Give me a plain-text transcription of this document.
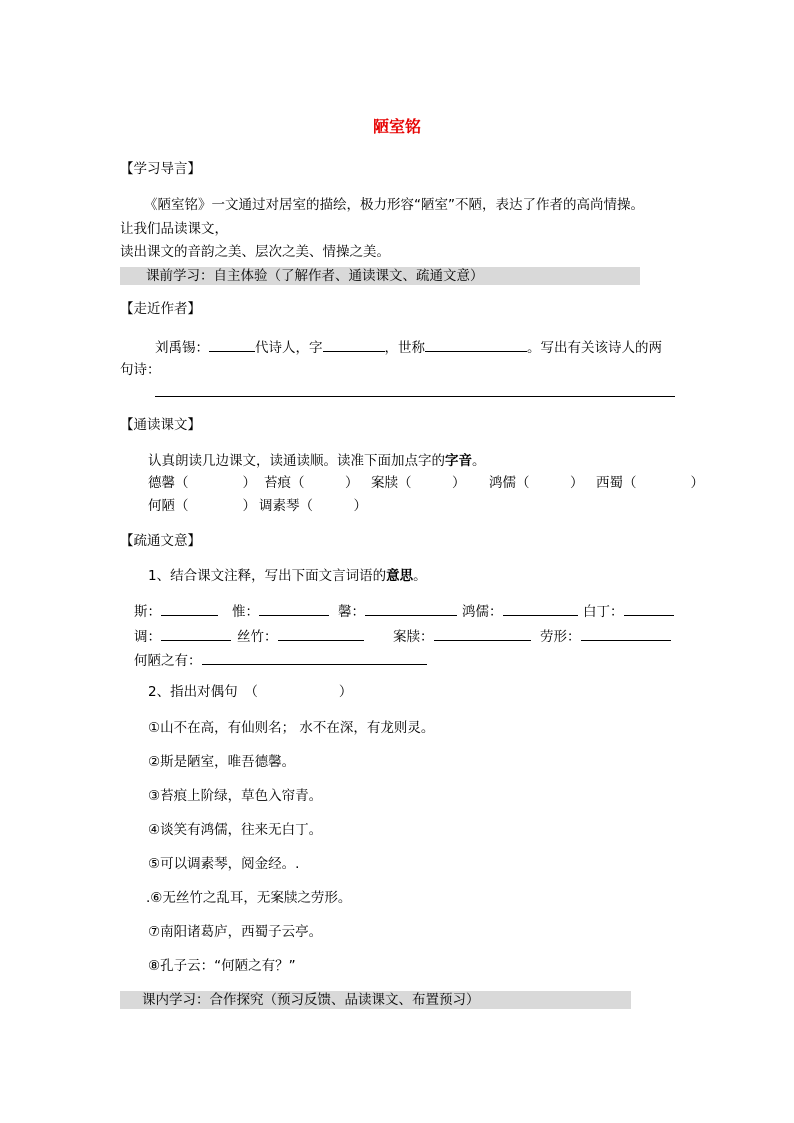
陋室铭
【学习导言】
《陋室铭》一文通过对居室的描绘，极力形容“陋室”不陋，表达了作者的高尚情操。
让我们品读课文，
读出课文的音韵之美、层次之美、情操之美。
课前学习：自主体验（了解作者、通读课文、疏通文意）
【走近作者】
刘禹锡：	代诗人，字	，世称	。写出有关该诗人的两
句诗：
【通读课文】
认真朗读几边课文，读通读顺。读准下面加点字的字音。
德馨（　　　　） 苔痕（　　　） 案牍（　　　） 鸿儒（　　　） 西蜀（　　　　）
何陋（　　　　） 调素琴（　　　）
【疏通文意】
1、结合课文注释，写出下面文言词语的意思。
斯：	惟：	馨：	鸿儒：	白丁：
调：	丝竹：	案牍：	劳形：
何陋之有：
2、指出对偶句　（　　　　　　）
①山不在高，有仙则名； 水不在深，有龙则灵。
②斯是陋室，唯吾德馨。
③苔痕上阶绿，草色入帘青。
④谈笑有鸿儒，往来无白丁。
⑤可以调素琴，阅金经。.
.⑥无丝竹之乱耳，无案牍之劳形。
⑦南阳诸葛庐，西蜀子云亭。
⑧孔子云：“何陋之有？”
课内学习：合作探究（预习反馈、品读课文、布置预习）
